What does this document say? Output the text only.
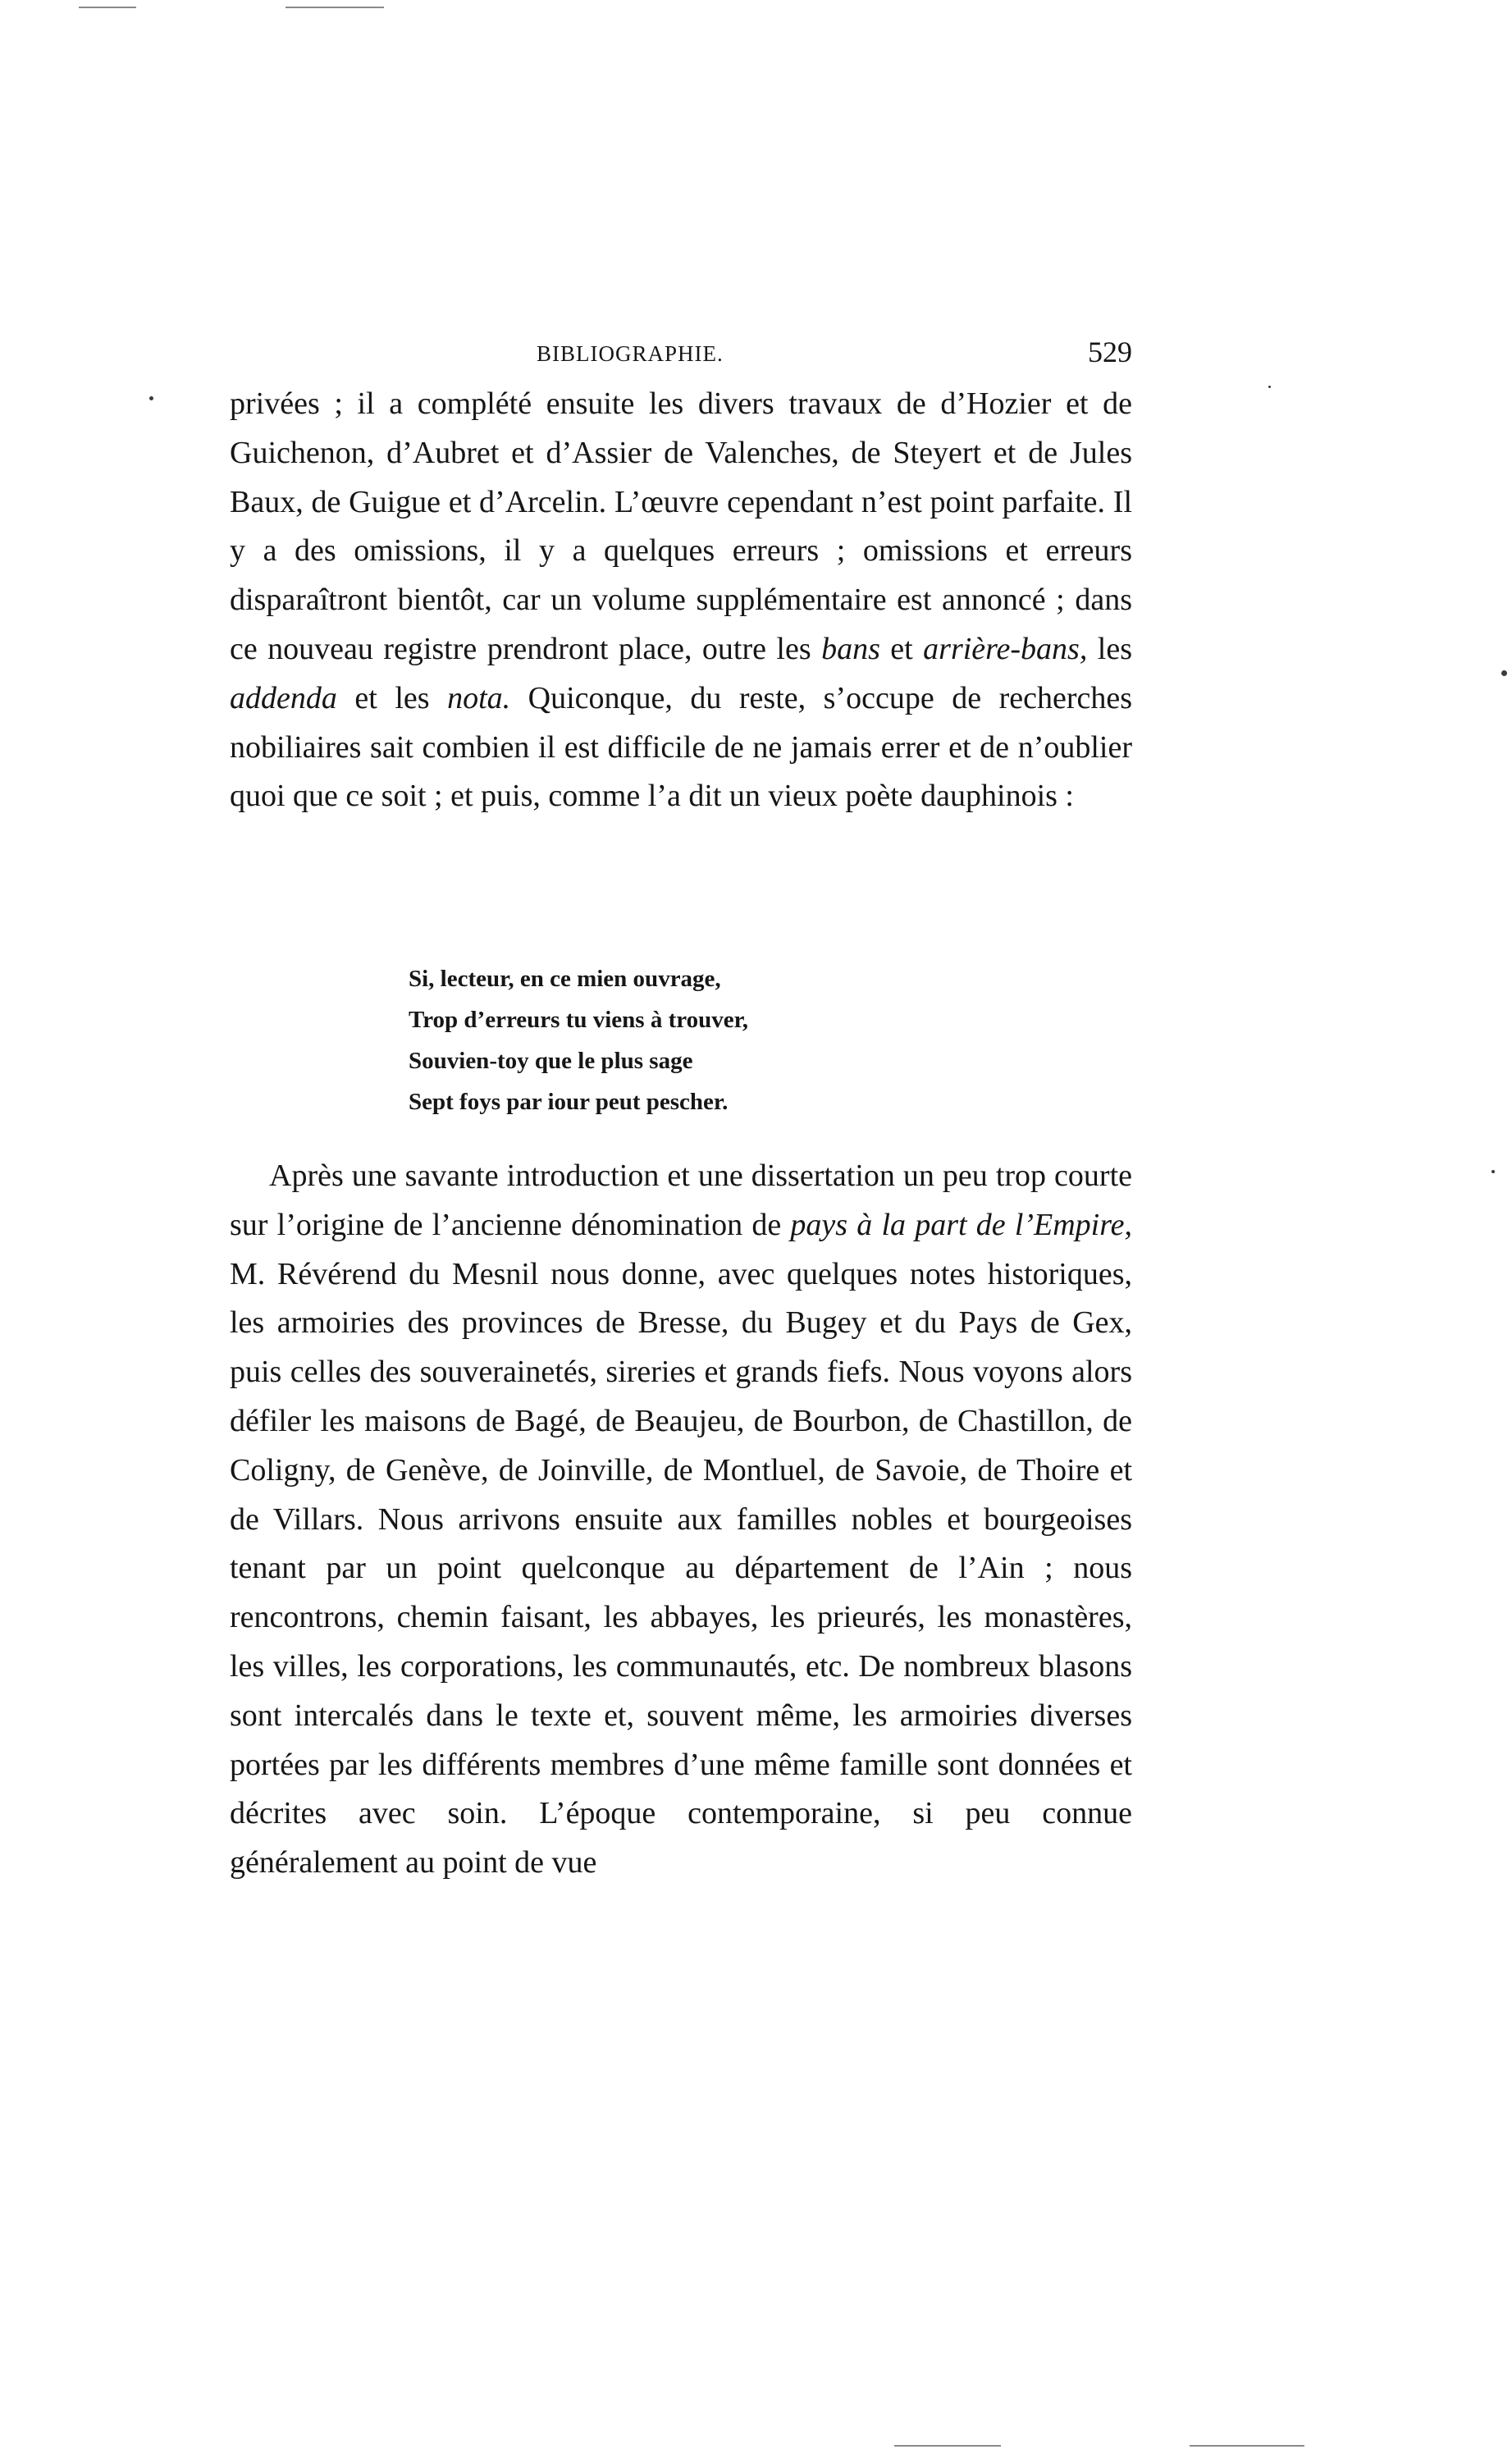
BIBLIOGRAPHIE.	529

privées ; il a complété ensuite les divers travaux de d’Hozier et de Guichenon, d’Aubret et d’Assier de Valenches, de Steyert et de Jules Baux, de Guigue et d’Arcelin. L’œuvre cependant n’est point parfaite. Il y a des omissions, il y a quelques erreurs ; omissions et erreurs disparaîtront bientôt, car un volume supplémentaire est annoncé ; dans ce nouveau registre prendront place, outre les bans et arrière-bans, les addenda et les nota. Quiconque, du reste, s’occupe de recherches nobiliaires sait combien il est difficile de ne jamais errer et de n’oublier quoi que ce soit ; et puis, comme l’a dit un vieux poète dauphinois :

Si, lecteur, en ce mien ouvrage,
Trop d’erreurs tu viens à trouver,
Souvien-toy que le plus sage
Sept foys par iour peut pescher.

Après une savante introduction et une dissertation un peu trop courte sur l’origine de l’ancienne dénomination de pays à la part de l’Empire, M. Révérend du Mesnil nous donne, avec quelques notes historiques, les armoiries des provinces de Bresse, du Bugey et du Pays de Gex, puis celles des souverainetés, sireries et grands fiefs. Nous voyons alors défiler les maisons de Bagé, de Beaujeu, de Bourbon, de Chastillon, de Coligny, de Genève, de Joinville, de Montluel, de Savoie, de Thoire et de Villars. Nous arrivons ensuite aux familles nobles et bourgeoises tenant par un point quelconque au département de l’Ain ; nous rencontrons, chemin faisant, les abbayes, les prieurés, les monastères, les villes, les corporations, les communautés, etc. De nombreux blasons sont intercalés dans le texte et, souvent même, les armoiries diverses portées par les différents membres d’une même famille sont données et décrites avec soin. L’époque contemporaine, si peu connue généralement au point de vue
